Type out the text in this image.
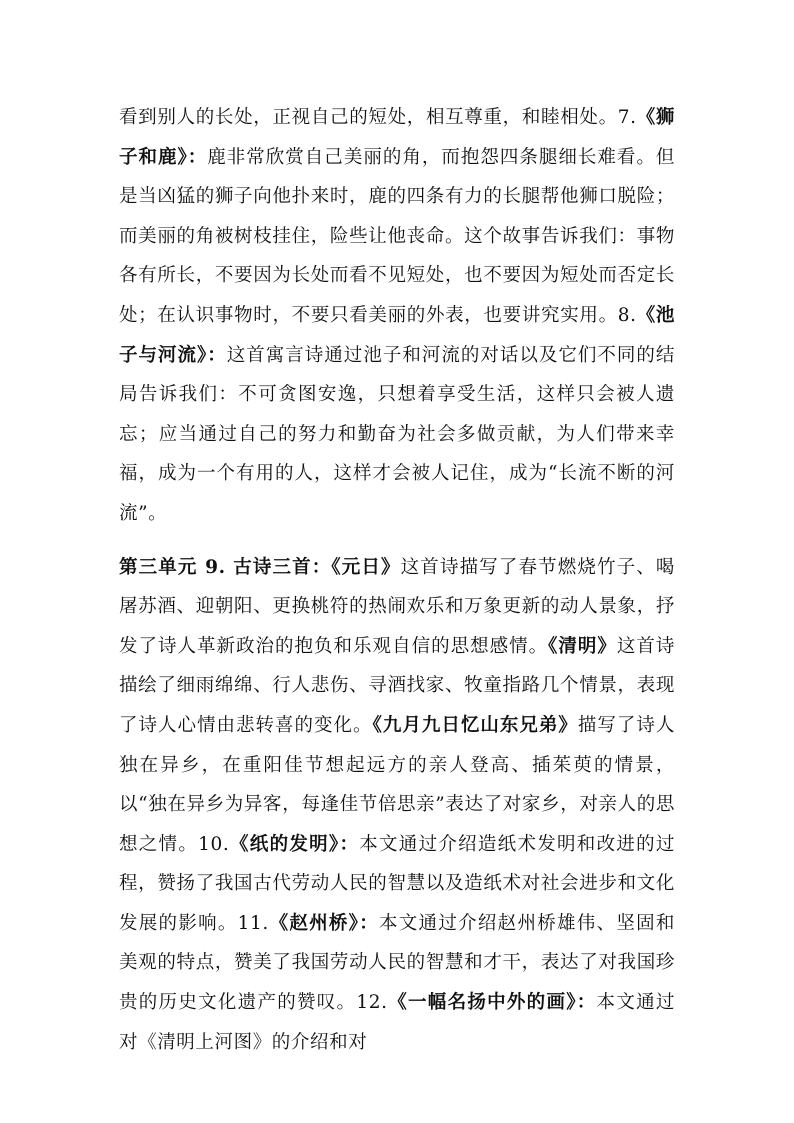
看到别人的长处，正视自己的短处，相互尊重，和睦相处。7.《狮子和鹿》：鹿非常欣赏自己美丽的角，而抱怨四条腿细长难看。但是当凶猛的狮子向他扑来时，鹿的四条有力的长腿帮他狮口脱险；而美丽的角被树枝挂住，险些让他丧命。这个故事告诉我们：事物各有所长，不要因为长处而看不见短处，也不要因为短处而否定长处；在认识事物时，不要只看美丽的外表，也要讲究实用。8.《池子与河流》：这首寓言诗通过池子和河流的对话以及它们不同的结局告诉我们：不可贪图安逸，只想着享受生活，这样只会被人遗忘；应当通过自己的努力和勤奋为社会多做贡献，为人们带来幸福，成为一个有用的人，这样才会被人记住，成为“长流不断的河流”。

第三单元 9. 古诗三首：《元日》这首诗描写了春节燃烧竹子、喝屠苏酒、迎朝阳、更换桃符的热闹欢乐和万象更新的动人景象，抒发了诗人革新政治的抱负和乐观自信的思想感情。《清明》这首诗描绘了细雨绵绵、行人悲伤、寻酒找家、牧童指路几个情景，表现了诗人心情由悲转喜的变化。《九月九日忆山东兄弟》描写了诗人独在异乡，在重阳佳节想起远方的亲人登高、插茱萸的情景，以“独在异乡为异客，每逢佳节倍思亲”表达了对家乡，对亲人的思想之情。10.《纸的发明》：本文通过介绍造纸术发明和改进的过程，赞扬了我国古代劳动人民的智慧以及造纸术对社会进步和文化发展的影响。11.《赵州桥》：本文通过介绍赵州桥雄伟、坚固和美观的特点，赞美了我国劳动人民的智慧和才干，表达了对我国珍贵的历史文化遗产的赞叹。12.《一幅名扬中外的画》：本文通过对《清明上河图》的介绍和对
